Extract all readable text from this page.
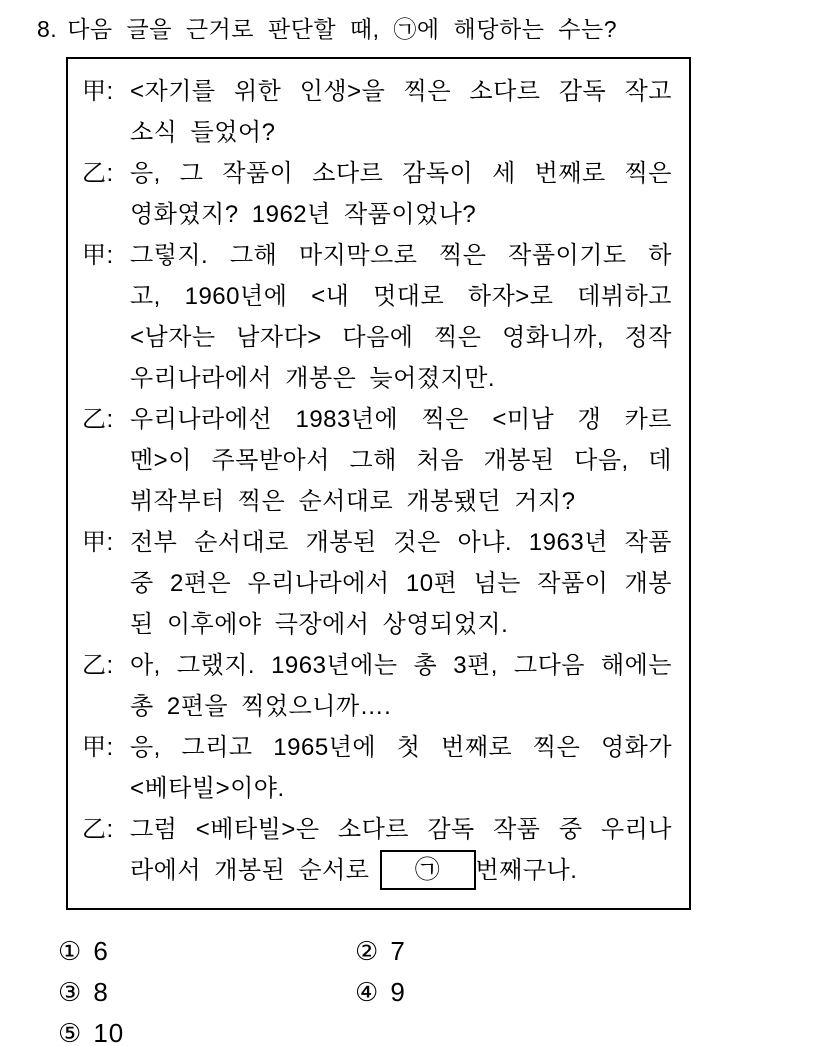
8. 다음 글을 근거로 판단할 때, ㉠에 해당하는 수는?
甲: <자기를 위한 인생>을 찍은 소다르 감독 작고
소식 들었어?
乙: 응, 그 작품이 소다르 감독이 세 번째로 찍은
영화였지? 1962년 작품이었나?
甲: 그렇지. 그해 마지막으로 찍은 작품이기도 하
고, 1960년에 <내 멋대로 하자>로 데뷔하고
<남자는 남자다> 다음에 찍은 영화니까, 정작
우리나라에서 개봉은 늦어졌지만.
乙: 우리나라에선 1983년에 찍은 <미남 갱 카르
멘>이 주목받아서 그해 처음 개봉된 다음, 데
뷔작부터 찍은 순서대로 개봉됐던 거지?
甲: 전부 순서대로 개봉된 것은 아냐. 1963년 작품
중 2편은 우리나라에서 10편 넘는 작품이 개봉
된 이후에야 극장에서 상영되었지.
乙: 아, 그랬지. 1963년에는 총 3편, 그다음 해에는
총 2편을 찍었으니까….
甲: 응, 그리고 1965년에 첫 번째로 찍은 영화가
<베타빌>이야.
乙: 그럼 <베타빌>은 소다르 감독 작품 중 우리나
라에서 개봉된 순서로 ㉠ 번째구나.
① 6	② 7
③ 8	④ 9
⑤ 10
